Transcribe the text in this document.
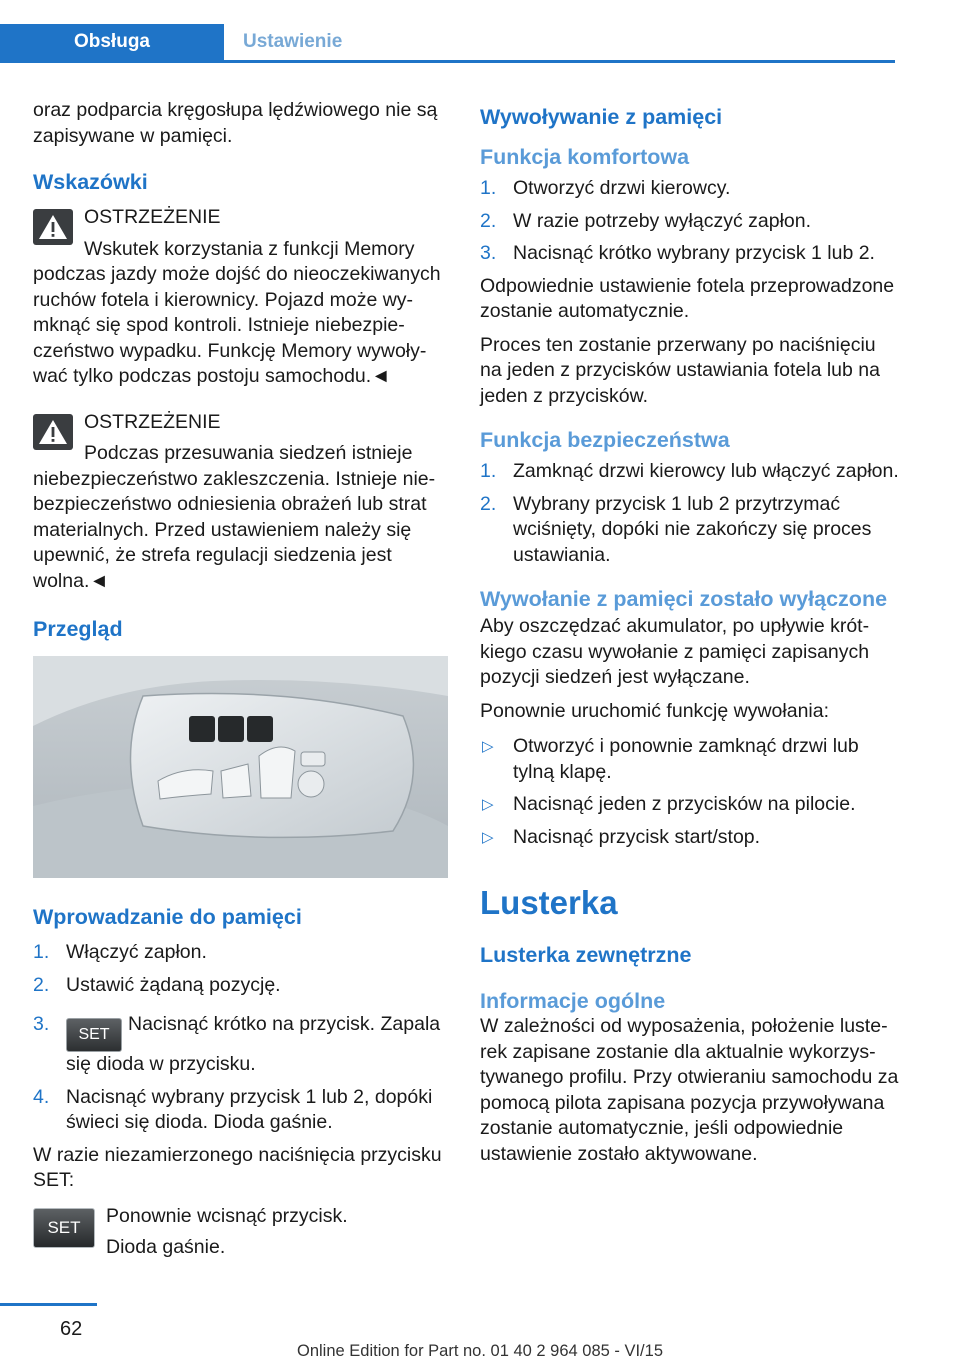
Obsługa	Ustawienie

oraz podparcia kręgosłupa lędźwiowego nie są zapisywane w pamięci.

Wskazówki
OSTRZEŻENIE

Wskutek korzystania z funkcji Memory podczas jazdy może dojść do nieoczekiwanych ruchów fotela i kierownicy. Pojazd może wymknąć się spod kontroli. Istnieje niebezpieczeństwo wypadku. Funkcję Memory wywoływać tylko podczas postoju samochodu.◄

OSTRZEŻENIE

Podczas przesuwania siedzeń istnieje niebezpieczeństwo zakleszczenia. Istnieje niebezpieczeństwo odniesienia obrażeń lub strat materialnych. Przed ustawieniem należy się upewnić, że strefa regulacji siedzenia jest wolna.◄

Przegląd
Wprowadzanie do pamięci
1. Włączyć zapłon.
2. Ustawić żądaną pozycję.
3. SET Nacisnąć krótko na przycisk. Zapala się dioda w przycisku.
4. Nacisnąć wybrany przycisk 1 lub 2, dopóki świeci się dioda. Dioda gaśnie.

W razie niezamierzonego naciśnięcia przycisku SET:

SET

Ponownie wcisnąć przycisk.

Dioda gaśnie.

Wywoływanie z pamięci
Funkcja komfortowa
1. Otworzyć drzwi kierowcy.
2. W razie potrzeby wyłączyć zapłon.
3. Nacisnąć krótko wybrany przycisk 1 lub 2.

Odpowiednie ustawienie fotela przeprowadzone zostanie automatycznie.

Proces ten zostanie przerwany po naciśnięciu na jeden z przycisków ustawiania fotela lub na jeden z przycisków.

Funkcja bezpieczeństwa
1. Zamknąć drzwi kierowcy lub włączyć zapłon.
2. Wybrany przycisk 1 lub 2 przytrzymać wciśnięty, dopóki nie zakończy się proces ustawiania.
Wywołanie z pamięci zostało wyłączone

Aby oszczędzać akumulator, po upływie krótkiego czasu wywołanie z pamięci zapisanych pozycji siedzeń jest wyłączane.

Ponownie uruchomić funkcję wywołania:

▷ Otworzyć i ponownie zamknąć drzwi lub tylną klapę.
▷ Nacisnąć jeden z przycisków na pilocie.
▷ Nacisnąć przycisk start/stop.
Lusterka
Lusterka zewnętrzne
Informacje ogólne

W zależności od wyposażenia, położenie lusterek zapisane zostanie dla aktualnie wykorzystywanego profilu. Przy otwieraniu samochodu za pomocą pilota zapisana pozycja przywoływana zostanie automatycznie, jeśli odpowiednie ustawienie zostało aktywowane.

62
Online Edition for Part no. 01 40 2 964 085 - VI/15
